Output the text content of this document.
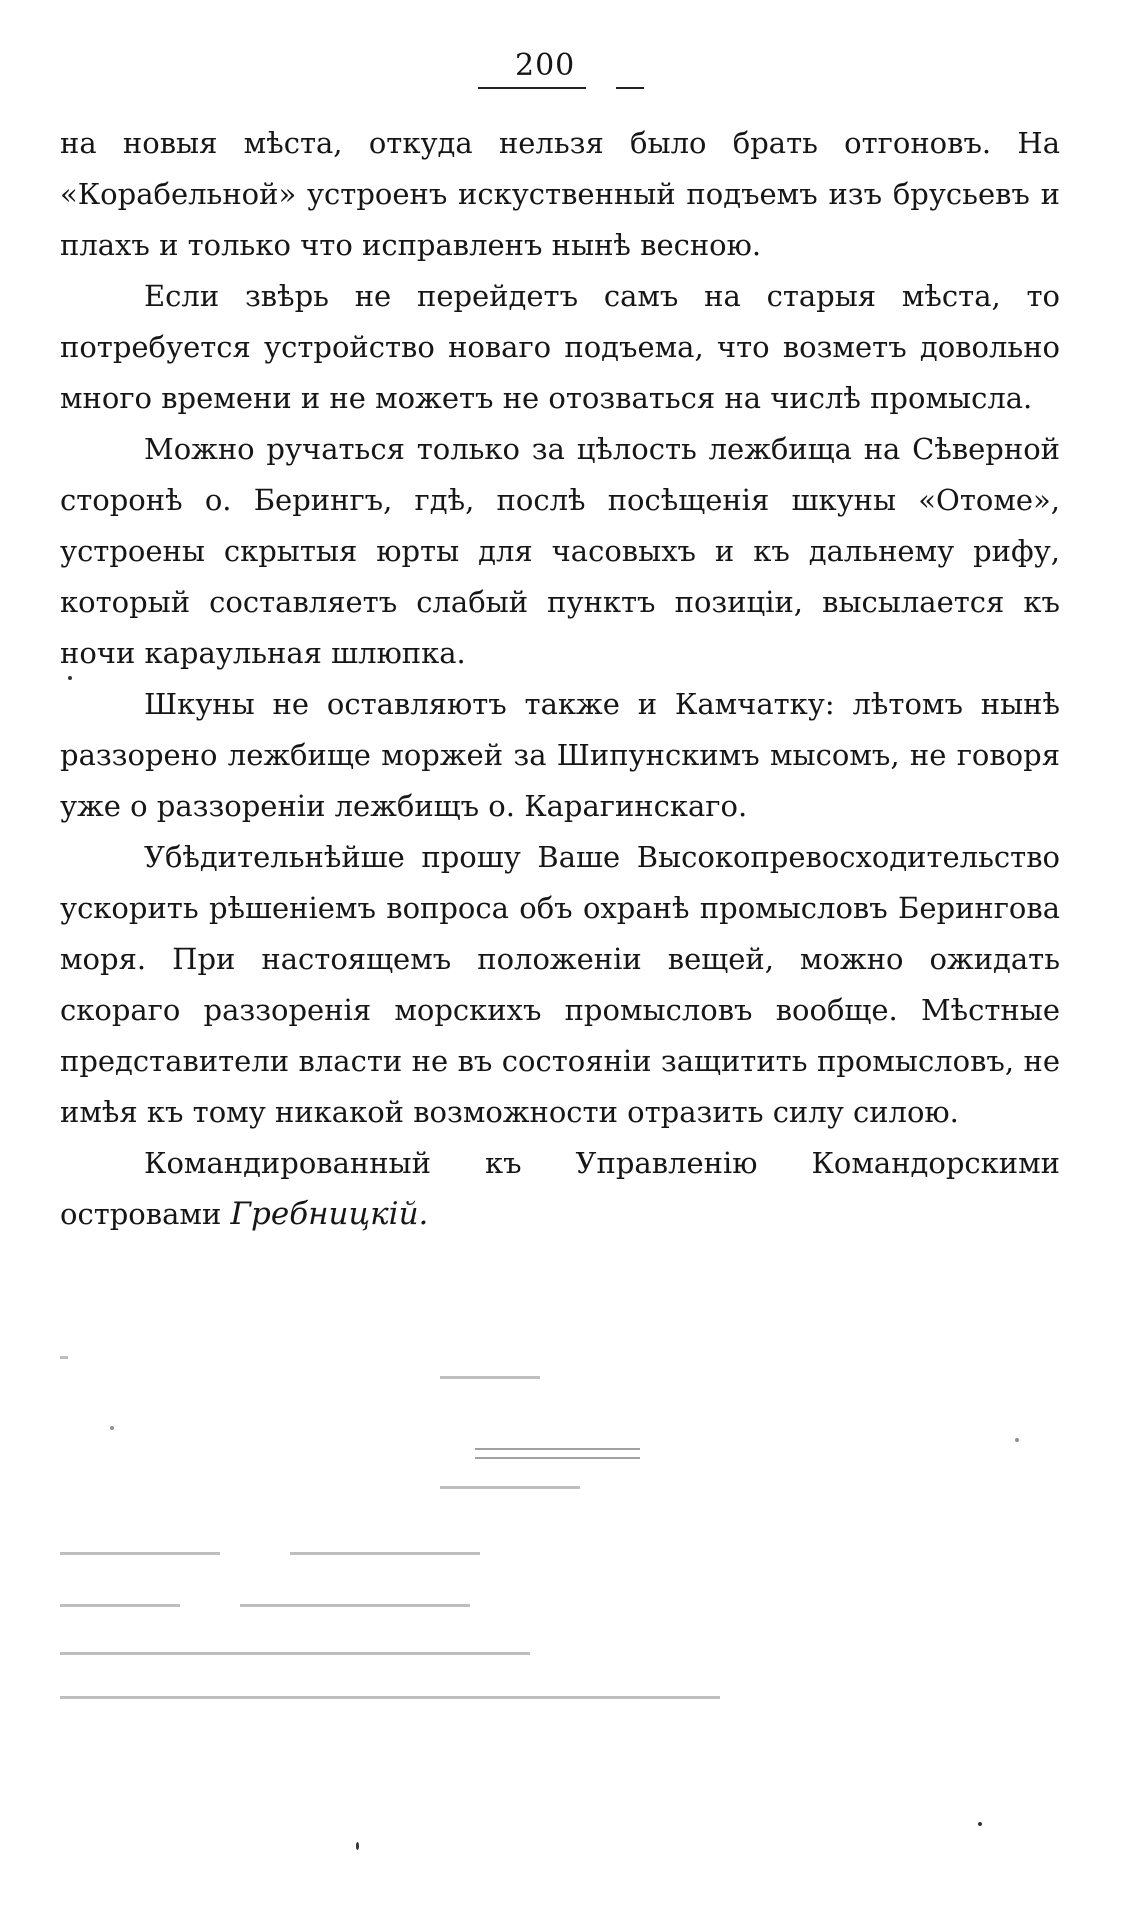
200

на новыя мѣста, откуда нельзя было брать отгоновъ. На «Корабельной» устроенъ искуственный подъемъ изъ брусьевъ и плахъ и только что исправленъ нынѣ весною.

Если звѣрь не перейдетъ самъ на старыя мѣста, то потребуется устройство новаго подъема, что возметъ довольно много времени и не можетъ не отозваться на числѣ промысла.

Можно ручаться только за цѣлость лежбища на Сѣверной сторонѣ о. Берингъ, гдѣ, послѣ посѣщенія шкуны «Отоме», устроены скрытыя юрты для часовыхъ и къ дальнему рифу, который составляетъ слабый пунктъ позиціи, высылается къ ночи караульная шлюпка.

Шкуны не оставляютъ также и Камчатку: лѣтомъ нынѣ раззорено лежбище моржей за Шипунскимъ мысомъ, не говоря уже о раззореніи лежбищъ о. Карагинскаго.

Убѣдительнѣйше прошу Ваше Высокопревосходительство ускорить рѣшеніемъ вопроса объ охранѣ промысловъ Берингова моря. При настоящемъ положеніи вещей, можно ожидать скораго раззоренія морскихъ промысловъ вообще. Мѣстные представители власти не въ состояніи защитить промысловъ, не имѣя къ тому никакой возможности отразить силу силою.

Командированный къ Управленію Командорскими островами Гребницкій.
